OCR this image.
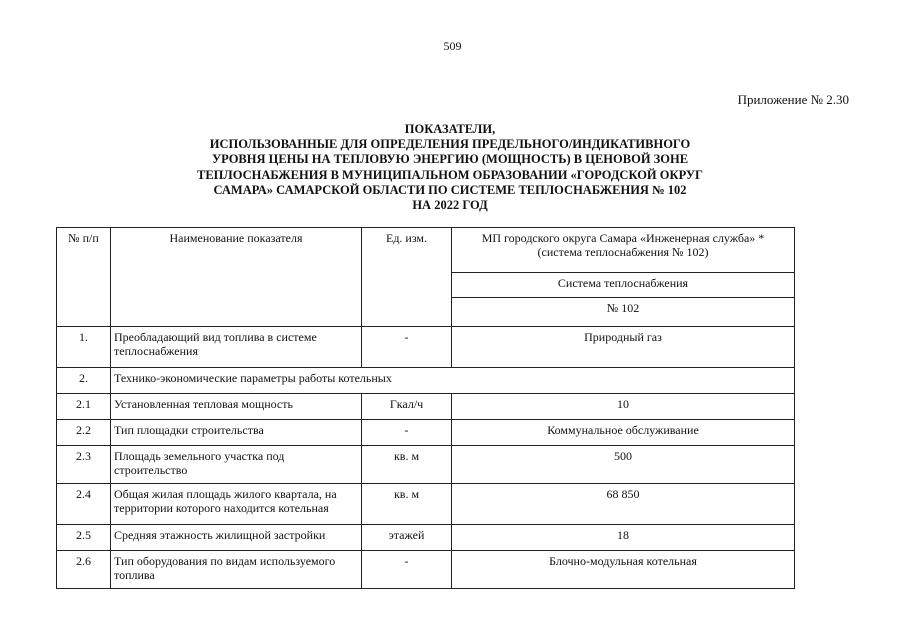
509
Приложение № 2.30
ПОКАЗАТЕЛИ,
ИСПОЛЬЗОВАННЫЕ ДЛЯ ОПРЕДЕЛЕНИЯ ПРЕДЕЛЬНОГО/ИНДИКАТИВНОГО
УРОВНЯ ЦЕНЫ НА ТЕПЛОВУЮ ЭНЕРГИЮ (МОЩНОСТЬ) В ЦЕНОВОЙ ЗОНЕ
ТЕПЛОСНАБЖЕНИЯ В МУНИЦИПАЛЬНОМ ОБРАЗОВАНИИ «ГОРОДСКОЙ ОКРУГ
САМАРА» САМАРСКОЙ ОБЛАСТИ ПО СИСТЕМЕ ТЕПЛОСНАБЖЕНИЯ № 102
НА 2022 ГОД
№ п/п	Наименование показателя	Ед. изм.	МП городского округа Самара «Инженерная служба» *
(система теплоснабжения № 102)

			Система теплоснабжения
			№ 102
1.	Преобладающий вид топлива в системе теплоснабжения	-	Природный газ
2.	Технико-экономические параметры работы котельных		
2.1	Установленная тепловая мощность	Гкал/ч	10
2.2	Тип площадки строительства	-	Коммунальное обслуживание
2.3	Площадь земельного участка под строительство	кв. м	500
2.4	Общая жилая площадь жилого квартала, на территории которого находится котельная	кв. м	68 850
2.5	Средняя этажность жилищной застройки	этажей	18
2.6	Тип оборудования по видам используемого топлива	-	Блочно-модульная котельная
